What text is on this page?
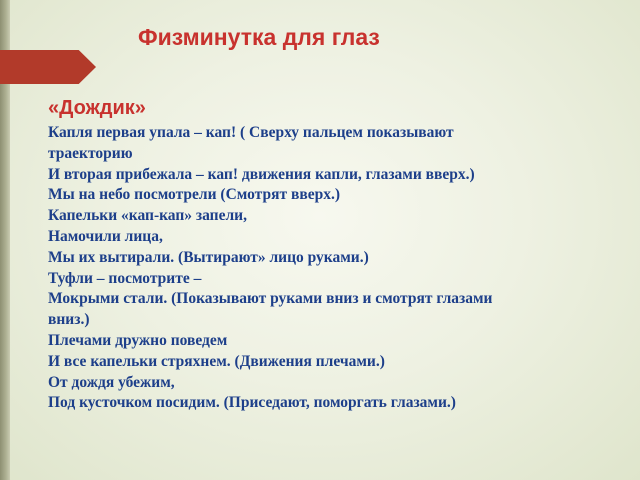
Физминутка для глаз
«Дождик»

Капля первая упала – кап! ( Сверху пальцем показывают

траекторию

И вторая прибежала – кап! движения капли, глазами вверх.)

Мы на небо посмотрели (Смотрят вверх.)

Капельки «кап-кап» запели,

Намочили лица,

Мы их вытирали. (Вытирают» лицо руками.)

Туфли – посмотрите –

Мокрыми стали. (Показывают руками вниз и смотрят глазами

вниз.)

Плечами дружно поведем

И все капельки стряхнем. (Движения плечами.)

От дождя убежим,

Под кусточком посидим. (Приседают, поморгать глазами.)
